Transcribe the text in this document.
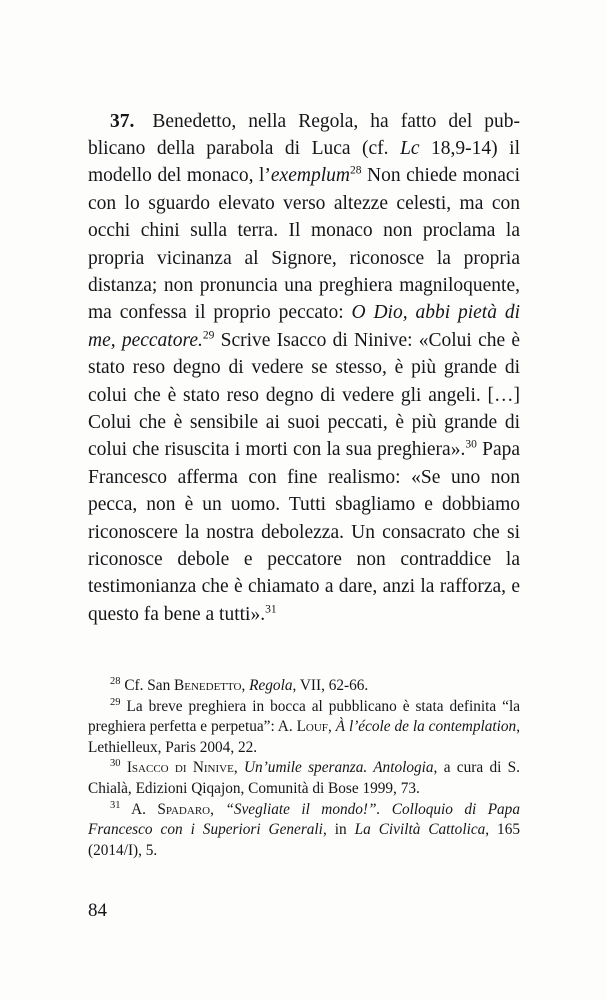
37. Benedetto, nella Regola, ha fatto del pub-blicano della parabola di Luca (cf. Lc 18,9-14) il modello del monaco, l’exemplum$^{28}$ Non chiede monaci con lo sguardo elevato verso altezze celesti, ma con occhi chini sulla terra. Il monaco non proclama la propria vicinanza al Signore, riconosce la propria distanza; non pronuncia una preghiera magniloquente, ma confessa il proprio peccato: O Dio, abbi pietà di me, peccatore.$^{29}$ Scrive Isacco di Ninive: «Colui che è stato reso degno di vedere se stesso, è più grande di colui che è stato reso degno di vedere gli angeli. […] Colui che è sensibile ai suoi peccati, è più grande di colui che risuscita i morti con la sua preghiera».$^{30}$ Papa Francesco afferma con fine realismo: «Se uno non pecca, non è un uomo. Tutti sbagliamo e dobbiamo riconoscere la nostra debolezza. Un consacrato che si riconosce debole e peccatore non contraddice la testimonianza che è chiamato a dare, anzi la rafforza, e questo fa bene a tutti».$^{31}$

$^{28}$ Cf. San Benedetto, Regola, VII, 62-66.

$^{29}$ La breve preghiera in bocca al pubblicano è stata definita “la preghiera perfetta e perpetua”: A. Louf, À l’école de la contemplation, Lethielleux, Paris 2004, 22.

$^{30}$ Isacco di Ninive, Un’umile speranza. Antologia, a cura di S. Chialà, Edizioni Qiqajon, Comunità di Bose 1999, 73.

$^{31}$ A. Spadaro, “Svegliate il mondo!”. Colloquio di Papa Francesco con i Superiori Generali, in La Civiltà Cattolica, 165 (2014/I), 5.

84
